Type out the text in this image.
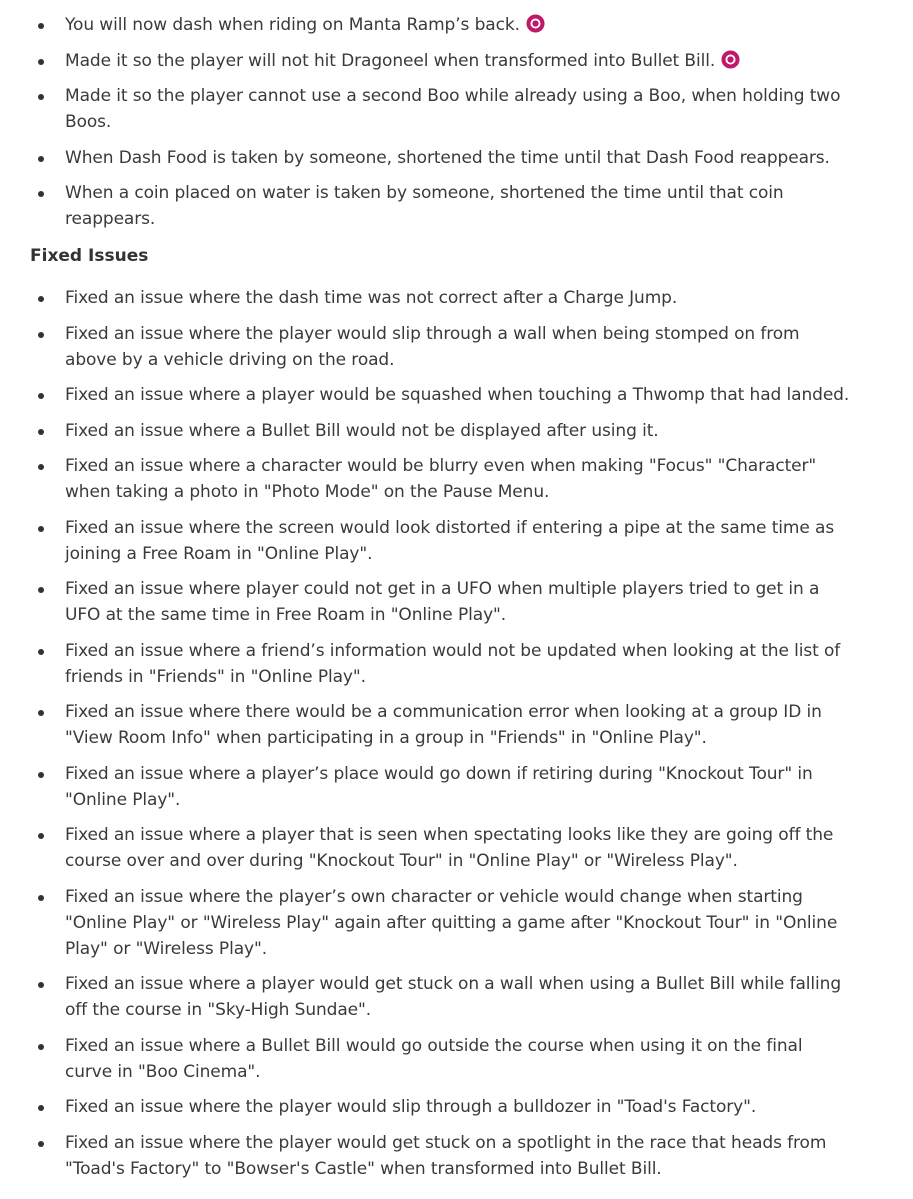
You will now dash when riding on Manta Ramp’s back.
Made it so the player will not hit Dragoneel when transformed into Bullet Bill.
Made it so the player cannot use a second Boo while already using a Boo, when holding two Boos.
When Dash Food is taken by someone, shortened the time until that Dash Food reappears.
When a coin placed on water is taken by someone, shortened the time until that coin reappears.
Fixed Issues
Fixed an issue where the dash time was not correct after a Charge Jump.
Fixed an issue where the player would slip through a wall when being stomped on from above by a vehicle driving on the road.
Fixed an issue where a player would be squashed when touching a Thwomp that had landed.
Fixed an issue where a Bullet Bill would not be displayed after using it.
Fixed an issue where a character would be blurry even when making "Focus" "Character" when taking a photo in "Photo Mode" on the Pause Menu.
Fixed an issue where the screen would look distorted if entering a pipe at the same time as joining a Free Roam in "Online Play".
Fixed an issue where player could not get in a UFO when multiple players tried to get in a UFO at the same time in Free Roam in "Online Play".
Fixed an issue where a friend’s information would not be updated when looking at the list of friends in "Friends" in "Online Play".
Fixed an issue where there would be a communication error when looking at a group ID in "View Room Info" when participating in a group in "Friends" in "Online Play".
Fixed an issue where a player’s place would go down if retiring during "Knockout Tour" in "Online Play".
Fixed an issue where a player that is seen when spectating looks like they are going off the course over and over during "Knockout Tour" in "Online Play" or "Wireless Play".
Fixed an issue where the player’s own character or vehicle would change when starting "Online Play" or "Wireless Play" again after quitting a game after "Knockout Tour" in "Online Play" or "Wireless Play".
Fixed an issue where a player would get stuck on a wall when using a Bullet Bill while falling off the course in "Sky-High Sundae".
Fixed an issue where a Bullet Bill would go outside the course when using it on the final curve in "Boo Cinema".
Fixed an issue where the player would slip through a bulldozer in "Toad's Factory".
Fixed an issue where the player would get stuck on a spotlight in the race that heads from "Toad's Factory" to "Bowser's Castle" when transformed into Bullet Bill.
